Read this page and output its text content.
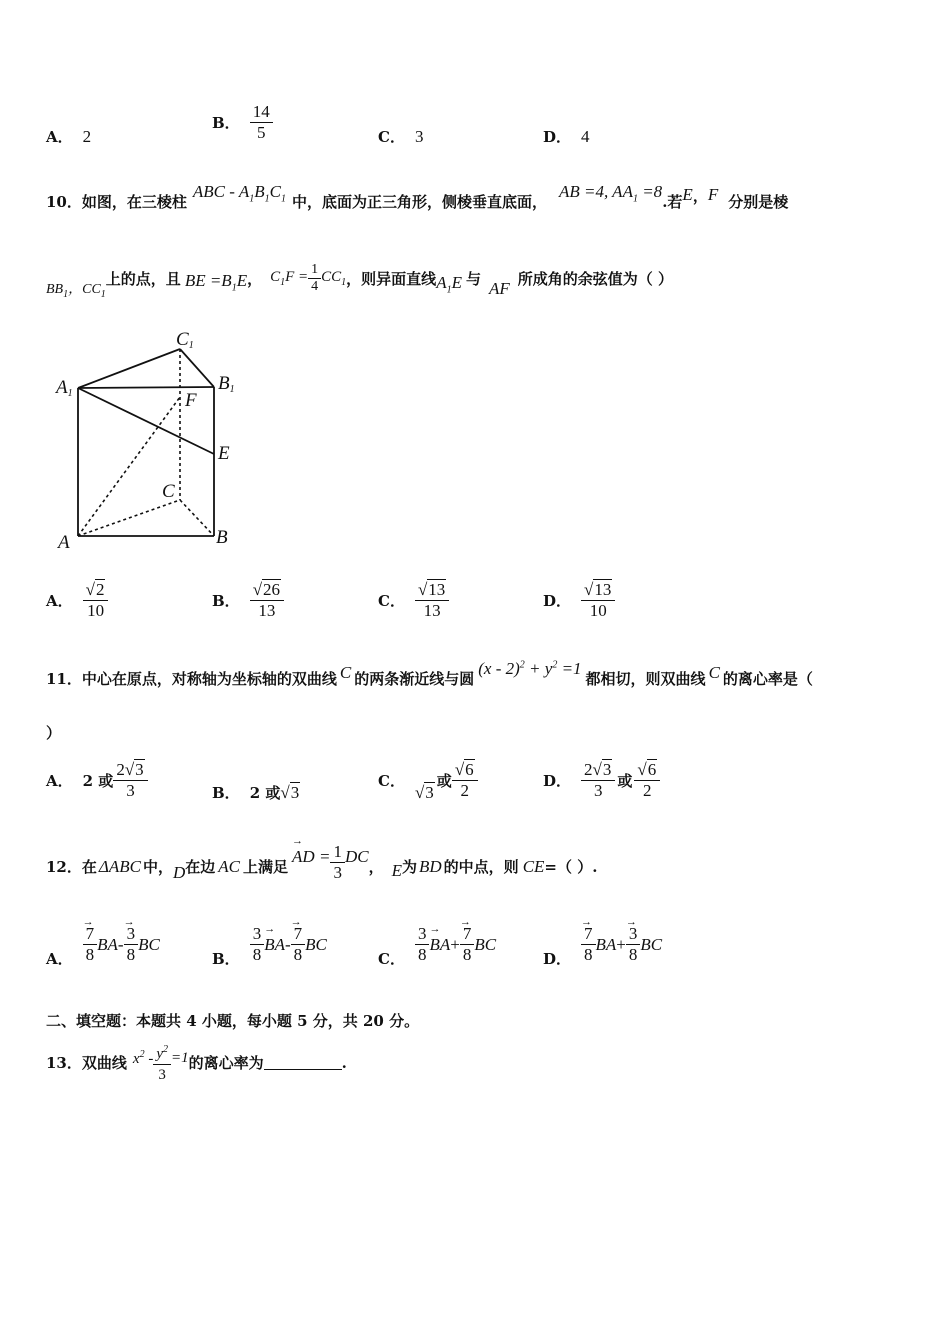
A． 2
B． $\frac{14}{5}$	C． 3	D． 4
10． 如图，在三棱柱
ABC - $A_1B_1C_1$ 中，底面为正三角形，侧棱垂直底面，
AB =4, $AA_1 =8$
.若 E ， F 分别是棱
$BB_1$，$CC_1$
上的点，且 BE $=B_1E$ ， $C_1F = \frac{1}{4} CC_1$ ，则异面直线 $A_1E$ 与 AF 所成角的余弦值为（ ）
C1
A1	B1
F
E
C
A	B
A． $\frac{√2}{10}$	B． $\frac{√26}{13}$	C． $\frac{√13}{13}$	D． $\frac{√13}{10}$
11． 中心在原点，对称轴为坐标轴的双曲线 C 的两条渐近线与圆
$(x - 2)^2 + y^2 =1$
都相切，则双曲线 C 的离心率是（
）
A． 2 或 $\frac{2√3}{3}$	B． 2 或 √3
C．
√3
或 $\frac{√6}{2}$	D． $\frac{2√3}{3}$ 或 $\frac{√6}{2}$
12． 在 ΔABC 中， D 在边 AC 上满足
→ AD = $\frac{1}{3}$ DC
， E 为 BD 的中点，则 CE =（ ）.
A． → $\frac{7}{8}$ BA - → $\frac{3}{8}$ BC
B． $\frac{3}{8}$ → BA - → $\frac{7}{8}$ BC
C． $\frac{3}{8}$ → BA + → $\frac{7}{8}$ BC
D． → $\frac{7}{8}$ BA + → $\frac{3}{8}$ BC
二、填空题：本题共 4 小题，每小题 5 分，共 20 分。
13． 双曲线 $x^2 - \frac{y^2}{3} =1$ 的离心率为	.
